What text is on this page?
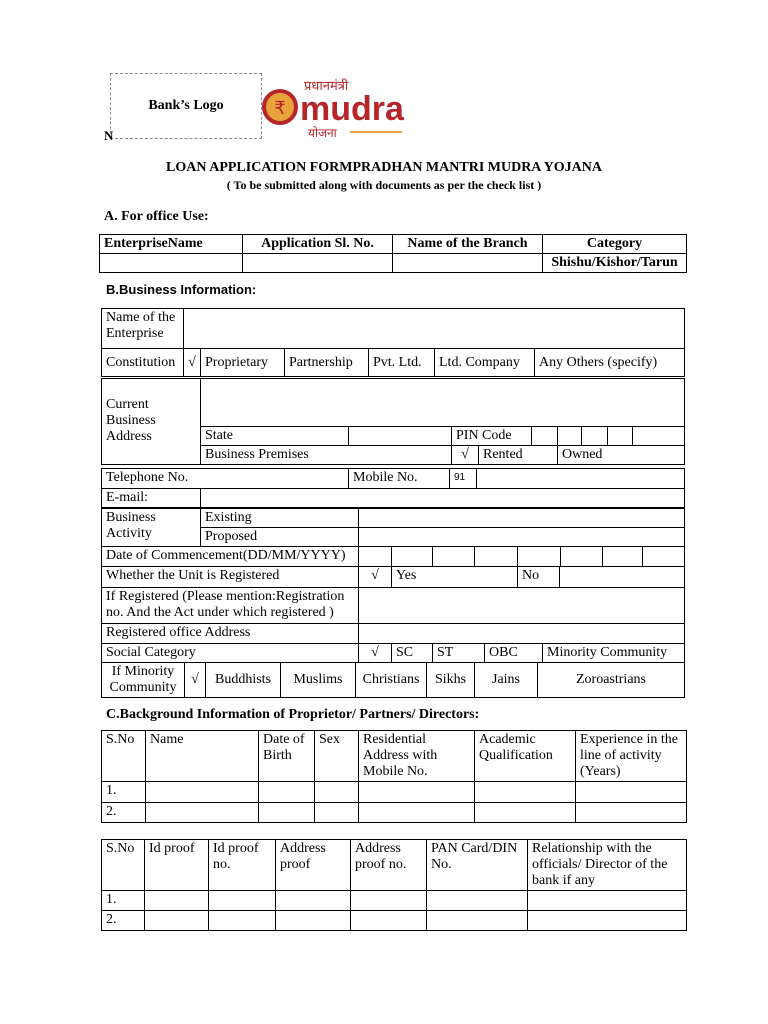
Bank’s Logo
N
₹
प्रधानमंत्री
mudra
योजना
LOAN APPLICATION FORMPRADHAN MANTRI MUDRA YOJANA
( To be submitted along with documents as per the check list )
A. For office Use:
EnterpriseName	Application Sl. No.	Name of the Branch	Category
			Shishu/Kishor/Tarun
B.Business Information:
Name of the Enterprise						
Constitution	√	Proprietary	Partnership	Pvt. Ltd.	Ltd. Company	Any Others (specify)
Current Business Address									
	State		PIN Code						
	Business Premises		√	Rented		Owned			
Telephone No.		Mobile No.	91	
E-mail:				
Business Activity	Existing	
	Proposed	
Date of Commencement(DD/MM/YYYY)								
Whether the Unit is Registered	√	Yes	No	
If Registered (Please mention:Registration no. And the Act under which registered )				
Registered office Address				
Social Category	√	SC	ST	OBC	Minority Community
If Minority Community	√	Buddhists	Muslims	Christians	Sikhs	Jains	Zoroastrians
C.Background Information of Proprietor/ Partners/ Directors:
S.No	Name	Date of Birth	Sex	Residential Address with Mobile No.	Academic Qualification	Experience in the line of activity (Years)
1.						
2.						
S.No	Id proof	Id proof no.	Address proof	Address proof no.	PAN Card/DIN No.	Relationship with the officials/ Director of the bank if any
1.						
2.						
